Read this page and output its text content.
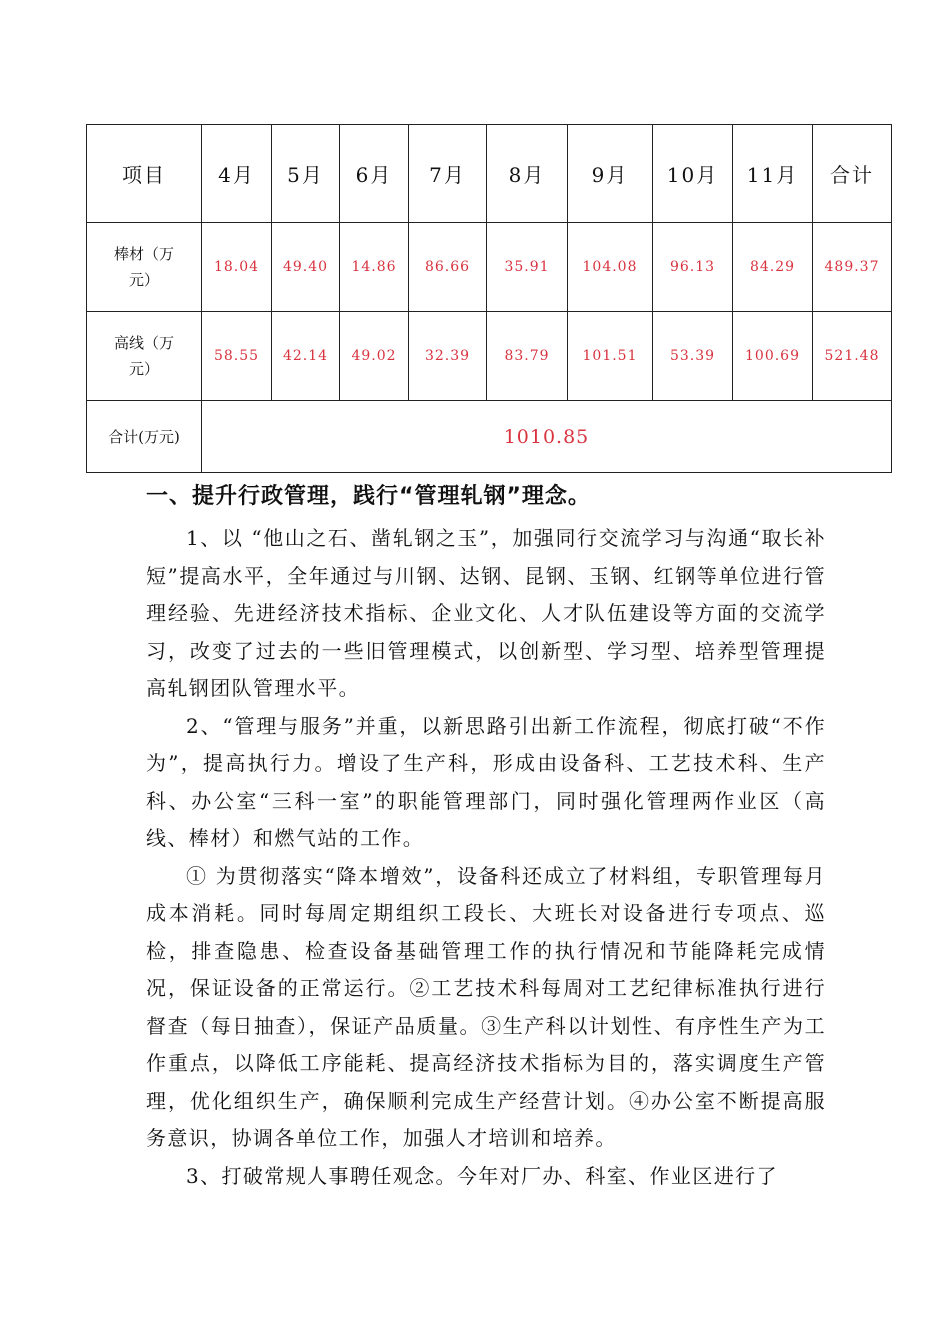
项目	4月	5月	6月	7月	8月	9月	10月	11月	合计
棒材（万
元）	18.04	49.40	14.86	86.66	35.91	104.08	96.13	84.29	489.37
高线（万
元）	58.55	42.14	49.02	32.39	83.79	101.51	53.39	100.69	521.48
合计(万元)	1010.85								
一、提升行政管理，践行“管理轧钢”理念。

1、以 “他山之石、凿轧钢之玉”，加强同行交流学习与沟通“取长补短”提高水平，全年通过与川钢、达钢、昆钢、玉钢、红钢等单位进行管理经验、先进经济技术指标、企业文化、人才队伍建设等方面的交流学习，改变了过去的一些旧管理模式，以创新型、学习型、培养型管理提高轧钢团队管理水平。

2、“管理与服务”并重，以新思路引出新工作流程，彻底打破“不作为”，提高执行力。增设了生产科，形成由设备科、工艺技术科、生产科、办公室“三科一室”的职能管理部门，同时强化管理两作业区（高线、棒材）和燃气站的工作。

① 为贯彻落实“降本增效”，设备科还成立了材料组，专职管理每月成本消耗。同时每周定期组织工段长、大班长对设备进行专项点、巡检，排查隐患、检查设备基础管理工作的执行情况和节能降耗完成情况，保证设备的正常运行。②工艺技术科每周对工艺纪律标准执行进行督查（每日抽查），保证产品质量。③生产科以计划性、有序性生产为工作重点，以降低工序能耗、提高经济技术指标为目的，落实调度生产管理，优化组织生产，确保顺利完成生产经营计划。④办公室不断提高服务意识，协调各单位工作，加强人才培训和培养。

3、打破常规人事聘任观念。今年对厂办、科室、作业区进行了
